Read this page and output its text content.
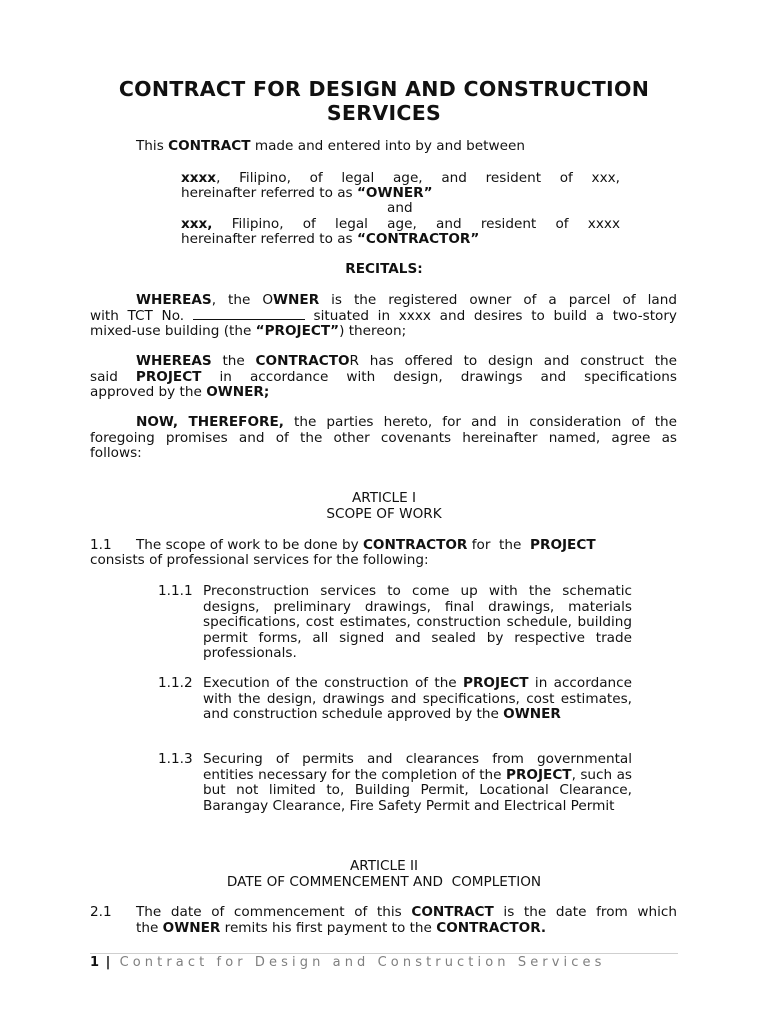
CONTRACT FOR DESIGN AND CONSTRUCTION
SERVICES

This CONTRACT made and entered into by and between

xxxx, Filipino, of legal age, and resident of xxx,

hereinafter referred to as “OWNER”

and

xxx, Filipino, of legal age, and resident of xxxx

hereinafter referred to as “CONTRACTOR”

RECITALS:

WHEREAS, the OWNER is the registered owner of a parcel of land

with TCT No.	situated in xxxx and desires to build a two-story

mixed-use building (the “PROJECT”) thereon;

WHEREAS the CONTRACTOR has offered to design and construct the

said PROJECT in accordance with design, drawings and specifications

approved by the OWNER;

NOW, THEREFORE, the parties hereto, for and in consideration of the

foregoing promises and of the other covenants hereinafter named, agree as

follows:

ARTICLE I

SCOPE OF WORK

1.1 The scope of work to be done by CONTRACTOR for  the  PROJECT

consists of professional services for the following:

1.1.1 Preconstruction services to come up with the schematic designs, preliminary drawings, final drawings, materials specifications, cost estimates, construction schedule, building permit forms, all signed and sealed by respective trade professionals.
1.1.2 Execution of the construction of the PROJECT in accordance with the design, drawings and specifications, cost estimates, and construction schedule approved by the OWNER
1.1.3 Securing of permits and clearances from governmental entities necessary for the completion of the PROJECT, such as but not limited to, Building Permit, Locational Clearance, Barangay Clearance, Fire Safety Permit and Electrical Permit

ARTICLE II

DATE OF COMMENCEMENT AND  COMPLETION

2.1 The date of commencement of this CONTRACT is the date from which

the OWNER remits his first payment to the CONTRACTOR.

1 | Contract for Design and Construction Services
